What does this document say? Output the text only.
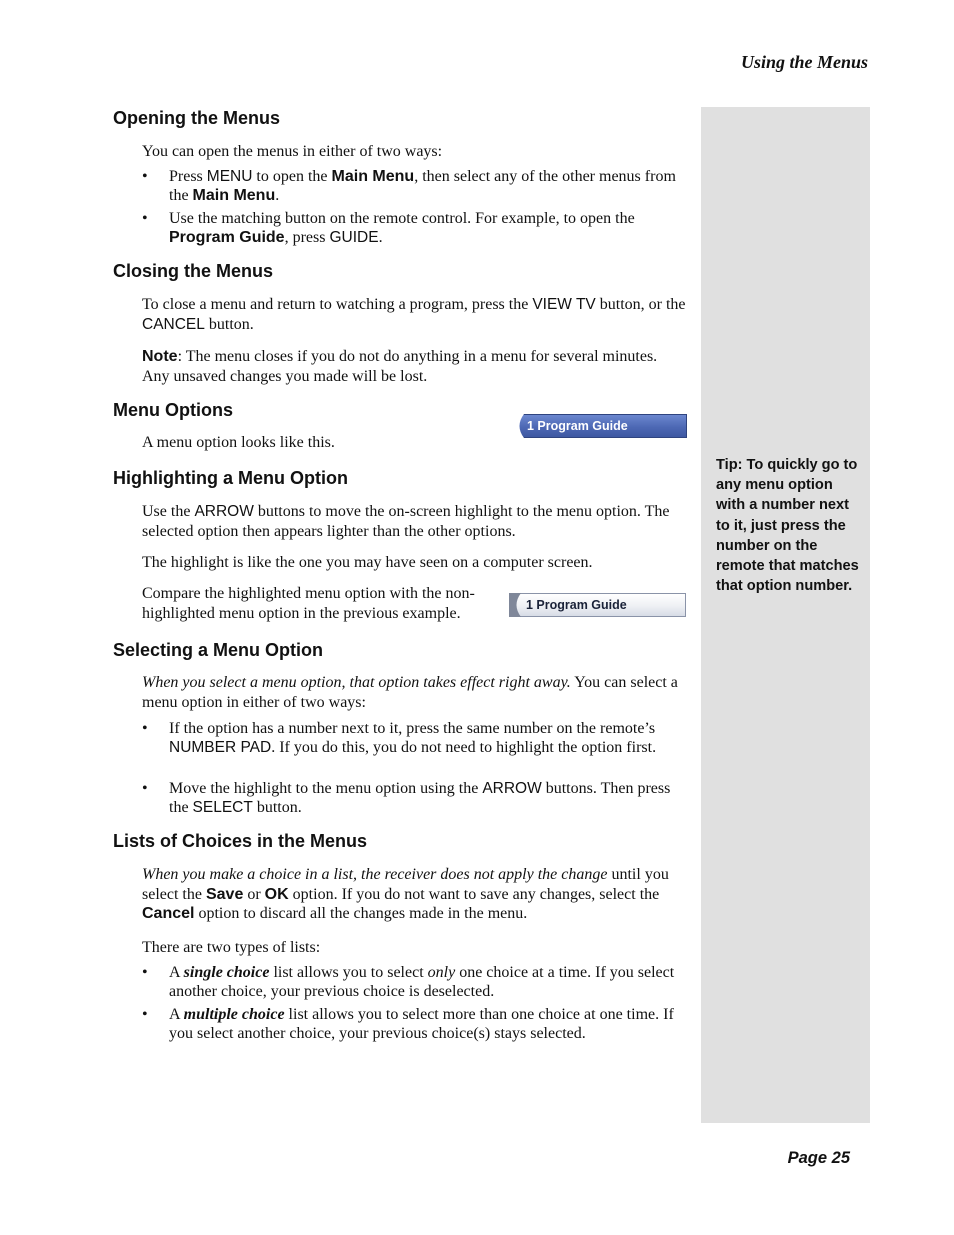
Using the Menus
Tip: To quickly go to any menu option with a number next to it, just press the number on the remote that matches that option number.
Opening the Menus

You can open the menus in either of two ways:

• Press MENU to open the Main Menu, then select any of the other menus from the Main Menu.
• Use the matching button on the remote control. For example, to open the Program Guide, press GUIDE.
Closing the Menus

To close a menu and return to watching a program, press the VIEW TV button, or the CANCEL button.

Note: The menu closes if you do not do anything in a menu for several minutes. Any unsaved changes you made will be lost.

Menu Options

A menu option looks like this.

1 Program Guide
Highlighting a Menu Option

Use the ARROW buttons to move the on-screen highlight to the menu option. The selected option then appears lighter than the other options.

The highlight is like the one you may have seen on a computer screen.

Compare the highlighted menu option with the non-highlighted menu option in the previous example.	1 Program Guide
Selecting a Menu Option

When you select a menu option, that option takes effect right away. You can select a menu option in either of two ways:

• If the option has a number next to it, press the same number on the remote’s NUMBER PAD. If you do this, you do not need to highlight the option first.
• Move the highlight to the menu option using the ARROW buttons. Then press the SELECT button.
Lists of Choices in the Menus

When you make a choice in a list, the receiver does not apply the change until you select the Save or OK option. If you do not want to save any changes, select the Cancel option to discard all the changes made in the menu.

There are two types of lists:

• A single choice list allows you to select only one choice at a time. If you select another choice, your previous choice is deselected.
• A multiple choice list allows you to select more than one choice at one time. If you select another choice, your previous choice(s) stays selected.
Page 25
